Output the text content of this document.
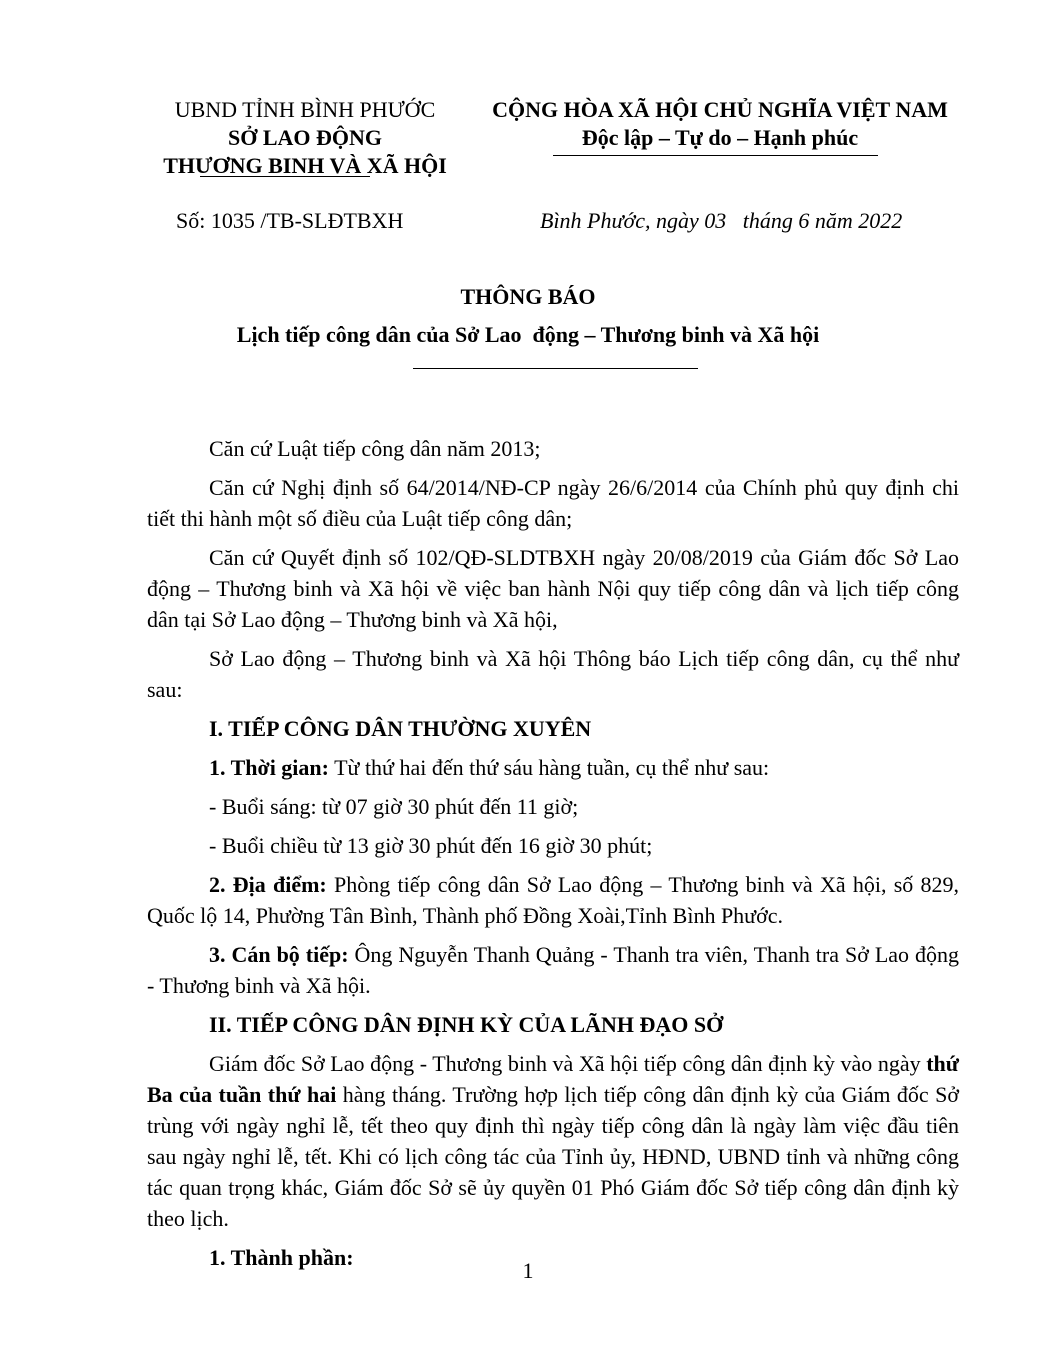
UBND TỈNH BÌNH PHƯỚC
SỞ LAO ĐỘNG
THƯƠNG BINH VÀ XÃ HỘI
CỘNG HÒA XÃ HỘI CHỦ NGHĨA VIỆT NAM
Độc lập – Tự do – Hạnh phúc
Số: 1035 /TB-SLĐTBXH	Bình Phước, ngày 03   tháng 6 năm 2022
THÔNG BÁO
Lịch tiếp công dân của Sở Lao  động – Thương binh và Xã hội

Căn cứ Luật tiếp công dân năm 2013;

Căn cứ Nghị định số 64/2014/NĐ-CP ngày 26/6/2014 của Chính phủ quy định chi tiết thi hành một số điều của Luật tiếp công dân;

Căn cứ Quyết định số 102/QĐ-SLDTBXH ngày 20/08/2019 của Giám đốc Sở Lao động – Thương binh và Xã hội về việc ban hành Nội quy tiếp công dân và lịch tiếp công dân tại Sở Lao động – Thương binh và Xã hội,

Sở Lao động – Thương binh và Xã hội Thông báo Lịch tiếp công dân, cụ thể như sau:

I. TIẾP CÔNG DÂN THƯỜNG XUYÊN

1. Thời gian: Từ thứ hai đến thứ sáu hàng tuần, cụ thể như sau:

- Buổi sáng: từ 07 giờ 30 phút đến 11 giờ;

- Buổi chiều từ 13 giờ 30 phút đến 16 giờ 30 phút;

2. Địa điểm: Phòng tiếp công dân Sở Lao động – Thương binh và Xã hội, số 829, Quốc lộ 14, Phường Tân Bình, Thành phố Đồng Xoài,Tỉnh Bình Phước.

3. Cán bộ tiếp: Ông Nguyễn Thanh Quảng - Thanh tra viên, Thanh tra Sở Lao động - Thương binh và Xã hội.

II. TIẾP CÔNG DÂN ĐỊNH KỲ CỦA LÃNH ĐẠO SỞ

Giám đốc Sở Lao động - Thương binh và Xã hội tiếp công dân định kỳ vào ngày thứ Ba của tuần thứ hai hàng tháng. Trường hợp lịch tiếp công dân định kỳ của Giám đốc Sở trùng với ngày nghỉ lễ, tết theo quy định thì ngày tiếp công dân là ngày làm việc đầu tiên sau ngày nghỉ lễ, tết. Khi có lịch công tác của Tỉnh ủy, HĐND, UBND tỉnh và những công tác quan trọng khác, Giám đốc Sở sẽ ủy quyền 01 Phó Giám đốc Sở tiếp công dân định kỳ theo lịch.

1. Thành phần:

1
